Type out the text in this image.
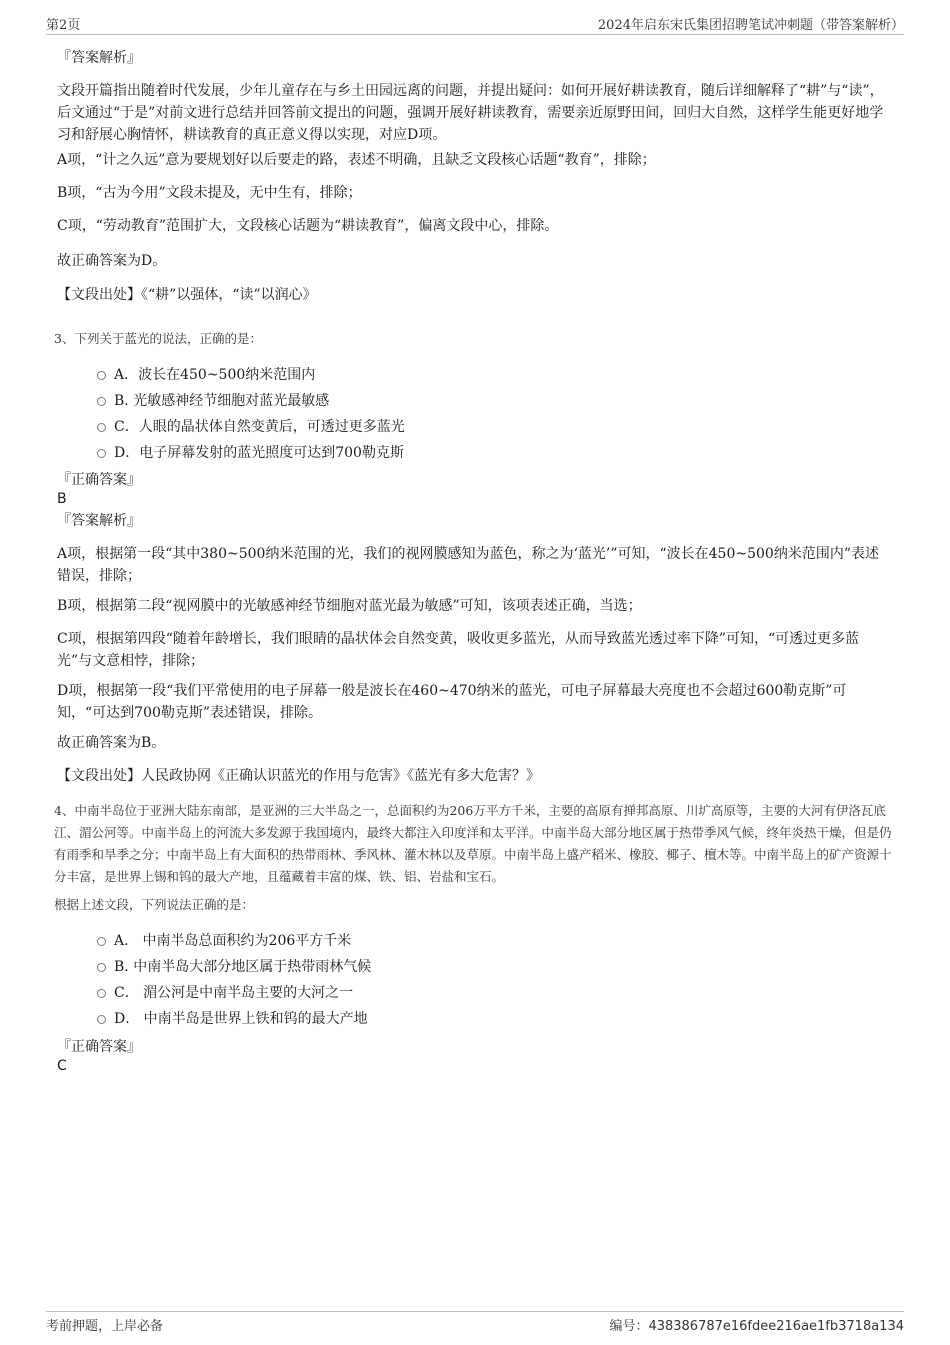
第2页	2024年启东宋氏集团招聘笔试冲刺题（带答案解析）

『答案解析』

文段开篇指出随着时代发展，少年儿童存在与乡土田园远离的问题，并提出疑问：如何开展好耕读教育，随后详细解释了“耕”与“读”，后文通过“于是”对前文进行总结并回答前文提出的问题，强调开展好耕读教育，需要亲近原野田间，回归大自然，这样学生能更好地学习和舒展心胸情怀，耕读教育的真正意义得以实现，对应D项。

A项，“计之久远”意为要规划好以后要走的路，表述不明确，且缺乏文段核心话题“教育”，排除；

B项，“古为今用”文段未提及，无中生有，排除；

C项，“劳动教育”范围扩大，文段核心话题为“耕读教育”，偏离文段中心，排除。

故正确答案为D。

【文段出处】《“耕”以强体，“读”以润心》

3、下列关于蓝光的说法，正确的是：

A．波长在450~500纳米范围内
B. 光敏感神经节细胞对蓝光最敏感
C．人眼的晶状体自然变黄后，可透过更多蓝光
D．电子屏幕发射的蓝光照度可达到700勒克斯

『正确答案』

B

『答案解析』

A项，根据第一段“其中380~500纳米范围的光，我们的视网膜感知为蓝色，称之为‘蓝光’”可知，“波长在450~500纳米范围内”表述错误，排除；

B项，根据第二段“视网膜中的光敏感神经节细胞对蓝光最为敏感”可知，该项表述正确，当选；

C项，根据第四段“随着年龄增长，我们眼睛的晶状体会自然变黄，吸收更多蓝光，从而导致蓝光透过率下降”可知，“可透过更多蓝光”与文意相悖，排除；

D项，根据第一段“我们平常使用的电子屏幕一般是波长在460~470纳米的蓝光，可电子屏幕最大亮度也不会超过600勒克斯”可知，“可达到700勒克斯”表述错误，排除。

故正确答案为B。

【文段出处】人民政协网《正确认识蓝光的作用与危害》《蓝光有多大危害？》

4、中南半岛位于亚洲大陆东南部，是亚洲的三大半岛之一，总面积约为206万平方千米，主要的高原有掸邦高原、川圹高原等，主要的大河有伊洛瓦底江、湄公河等。中南半岛上的河流大多发源于我国境内，最终大都注入印度洋和太平洋。中南半岛大部分地区属于热带季风气候，终年炎热干燥，但是仍有雨季和旱季之分；中南半岛上有大面积的热带雨林、季风林、灌木林以及草原。中南半岛上盛产稻米、橡胶、椰子、檀木等。中南半岛上的矿产资源十分丰富，是世界上锡和钨的最大产地，且蕴藏着丰富的煤、铁、铝、岩盐和宝石。

根据上述文段，下列说法正确的是：

A． 中南半岛总面积约为206平方千米
B. 中南半岛大部分地区属于热带雨林气候
C． 湄公河是中南半岛主要的大河之一
D． 中南半岛是世界上铁和钨的最大产地

『正确答案』

C
考前押题，上岸必备	编号：438386787e16fdee216ae1fb3718a134
